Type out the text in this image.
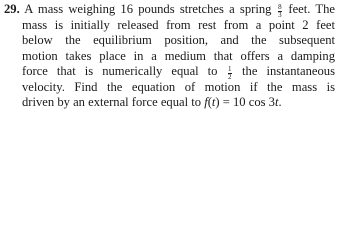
29. A mass weighing 16 pounds stretches a spring $\frac{8}{3}$ feet. The
mass is initially released from rest from a point 2 feet
below the equilibrium position, and the subsequent
motion takes place in a medium that offers a damping
force that is numerically equal to $\frac{1}{2}$ the instantaneous
velocity. Find the equation of motion if the mass is
driven by an external force equal to f(t) = 10 cos 3t.
